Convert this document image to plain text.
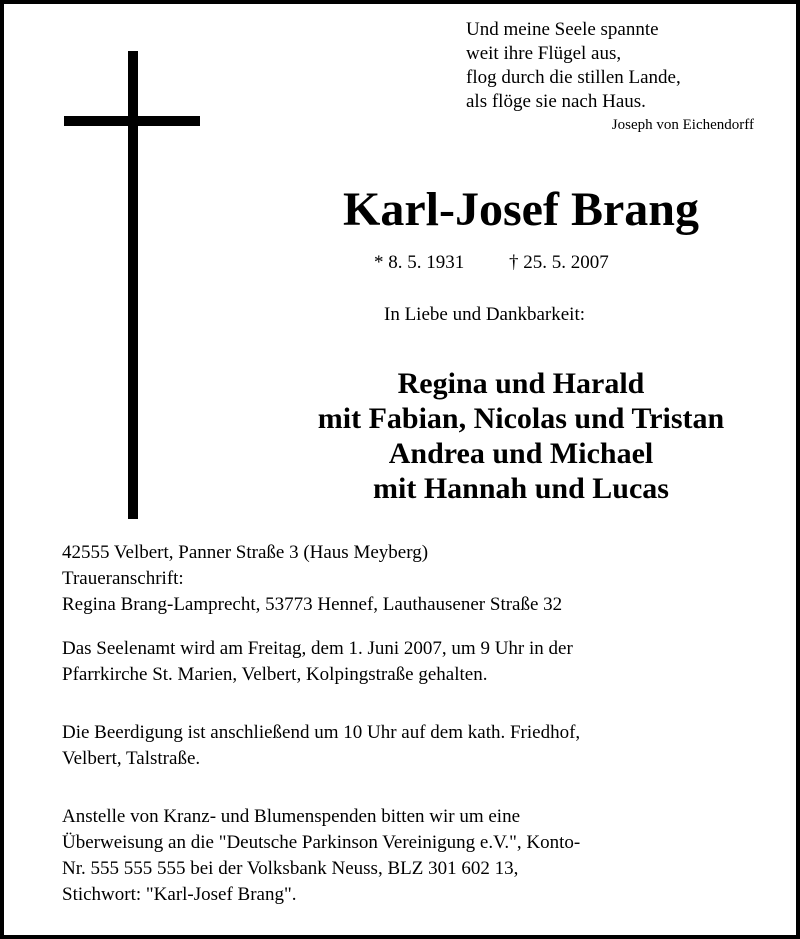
Und meine Seele spannte
weit ihre Flügel aus,
flog durch die stillen Lande,
als flöge sie nach Haus.
Joseph von Eichendorff
Karl-Josef Brang
* 8. 5. 1931 † 25. 5. 2007
In Liebe und Dankbarkeit:
Regina und Harald
mit Fabian, Nicolas und Tristan
Andrea und Michael
mit Hannah und Lucas
42555 Velbert, Panner Straße 3 (Haus Meyberg)
Traueranschrift:
Regina Brang-Lamprecht, 53773 Hennef, Lauthausener Straße 32
Das Seelenamt wird am Freitag, dem 1. Juni 2007, um 9 Uhr in der
Pfarrkirche St. Marien, Velbert, Kolpingstraße gehalten.
Die Beerdigung ist anschließend um 10 Uhr auf dem kath. Friedhof,
Velbert, Talstraße.
Anstelle von Kranz- und Blumenspenden bitten wir um eine
Überweisung an die "Deutsche Parkinson Vereinigung e.V.", Konto-
Nr. 555 555 555 bei der Volksbank Neuss, BLZ 301 602 13,
Stichwort: "Karl-Josef Brang".
